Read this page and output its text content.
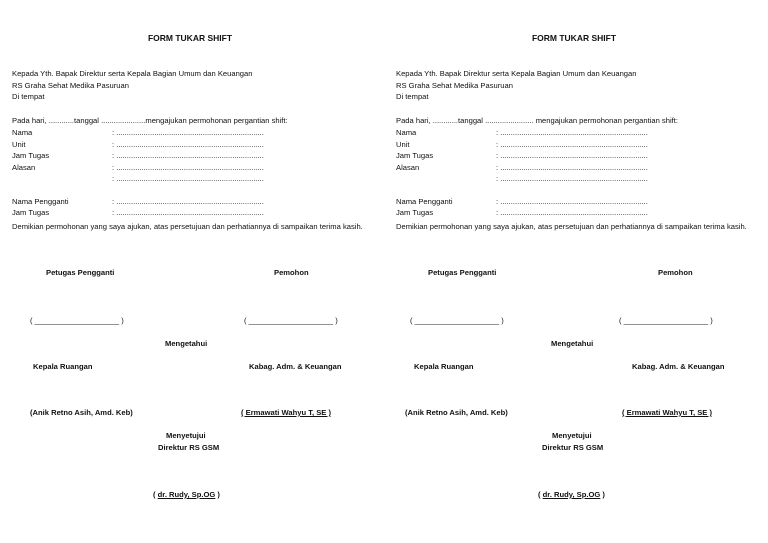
FORM TUKAR SHIFT
Kepada Yth. Bapak Direktur serta Kepala Bagian Umum dan Keuangan
RS Graha Sehat Medika Pasuruan
Di tempat
Pada hari, ............tanggal .....................mengajukan permohonan pergantian shift:
Nama	: ......................................................................
Unit	: ......................................................................
Jam Tugas	: ......................................................................
Alasan	: ......................................................................
: ......................................................................
Nama Pengganti	: ......................................................................
Jam Tugas	: ......................................................................
Demikian permohonan yang saya ajukan, atas persetujuan dan perhatiannya di sampaikan terima kasih.
Petugas Pengganti	Pemohon
( ____________________ )	( ____________________ )
Mengetahui
Kepala Ruangan	Kabag. Adm. & Keuangan
(Anik Retno Asih, Amd. Keb)	( Ermawati Wahyu T, SE )
Menyetujui
Direktur RS GSM
( dr. Rudy, Sp.OG )
FORM TUKAR SHIFT
Kepada Yth. Bapak Direktur serta Kepala Bagian Umum dan Keuangan
RS Graha Sehat Medika Pasuruan
Di tempat
Pada hari, ............tanggal ....................... mengajukan permohonan pergantian shift:
Nama	: ......................................................................
Unit	: ......................................................................
Jam Tugas	: ......................................................................
Alasan	: ......................................................................
: ......................................................................
Nama Pengganti	: ......................................................................
Jam Tugas	: ......................................................................
Demikian permohonan yang saya ajukan, atas persetujuan dan perhatiannya di sampaikan terima kasih.
Petugas Pengganti	Pemohon
( ____________________ )	( ____________________ )
Mengetahui
Kepala Ruangan	Kabag. Adm. & Keuangan
(Anik Retno Asih, Amd. Keb)	( Ermawati Wahyu T, SE )
Menyetujui
Direktur RS GSM
( dr. Rudy, Sp.OG )
